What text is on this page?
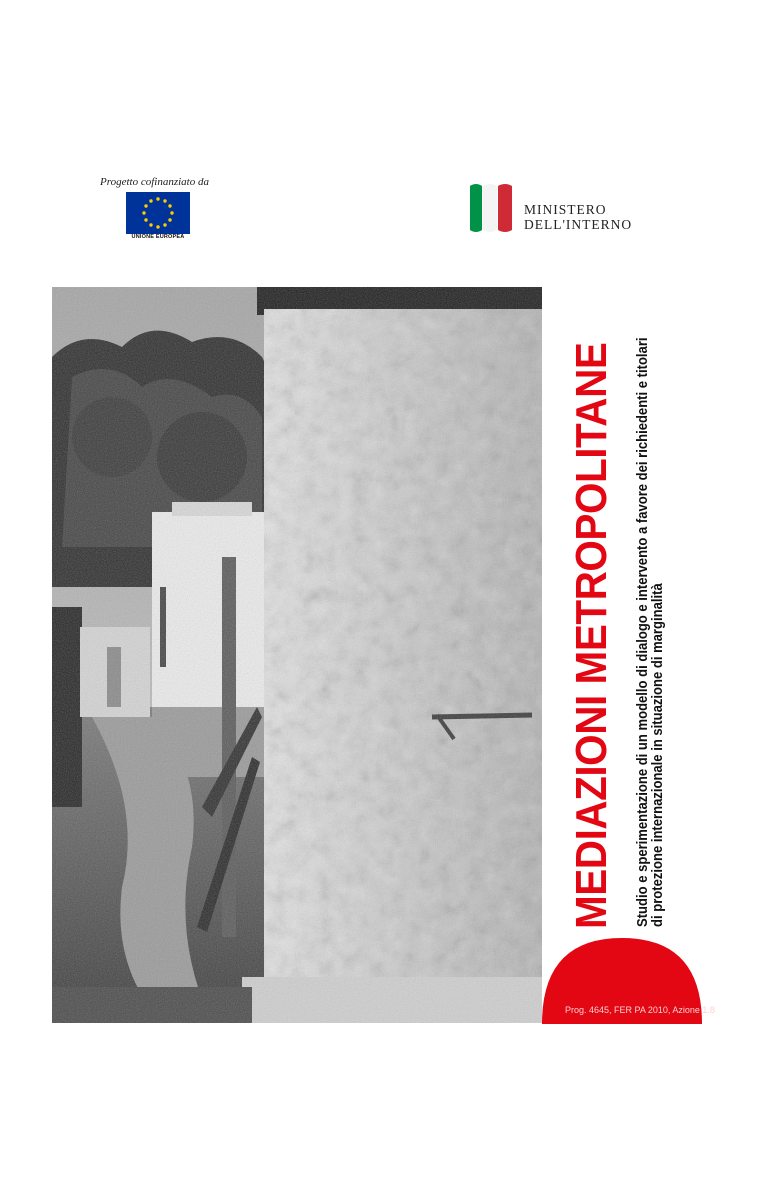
Progetto cofinanziato da
UNIONE EUROPEA
MINISTERO
DELL'INTERNO
MEDIAZIONI METROPOLITANE	Studio e sperimentazione di un modello di dialogo e intervento a favore dei richiedenti e titolari
di protezione internazionale in situazione di marginalità
Prog. 4645, FER PA 2010, Azione 1.8
